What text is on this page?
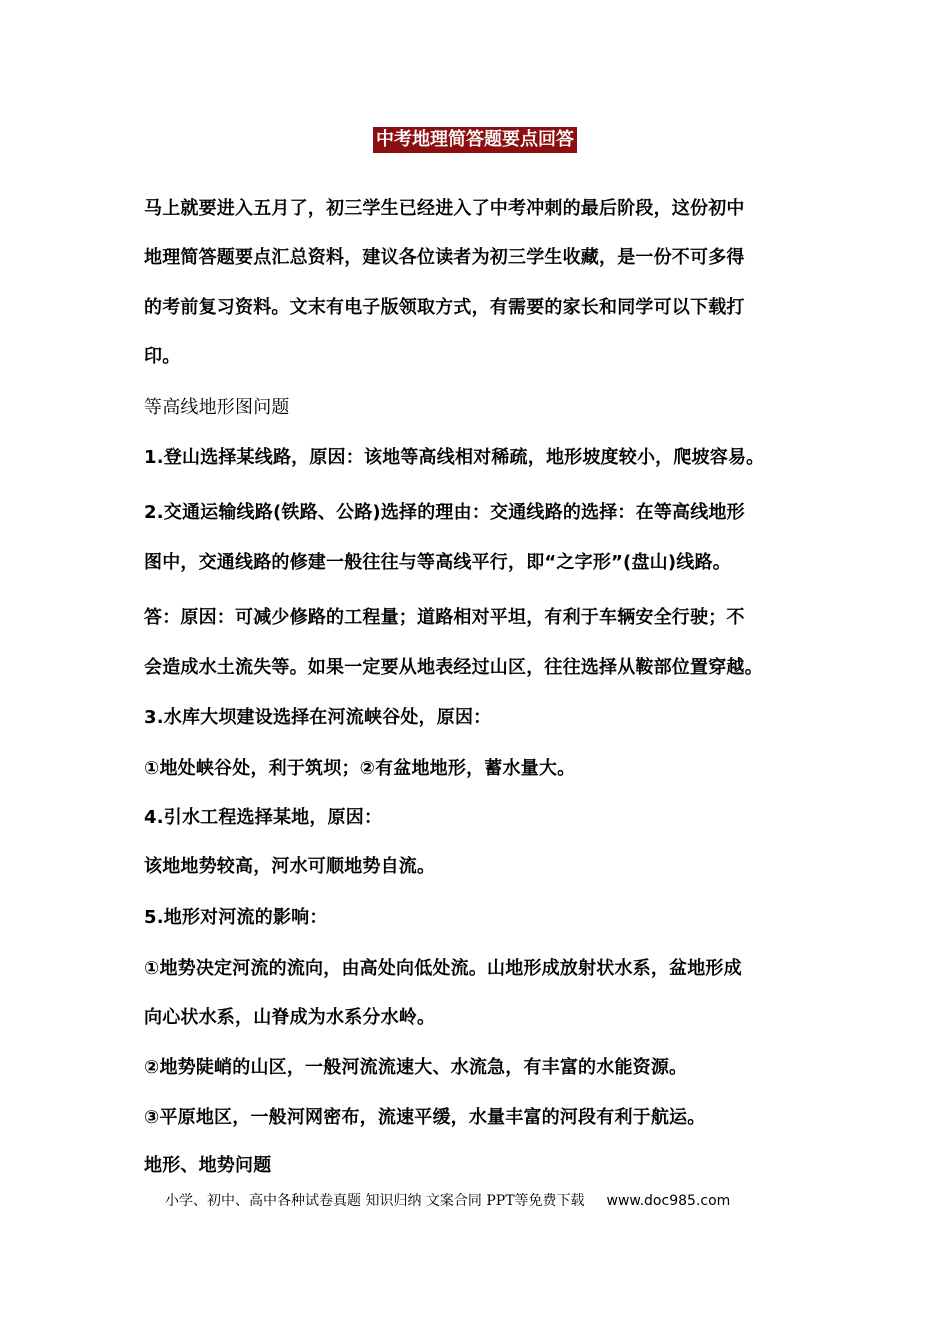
中考地理简答题要点回答
马上就要进入五月了，初三学生已经进入了中考冲刺的最后阶段，这份初中
地理简答题要点汇总资料，建议各位读者为初三学生收藏，是一份不可多得
的考前复习资料。文末有电子版领取方式，有需要的家长和同学可以下载打
印。
等高线地形图问题
1.登山选择某线路，原因：该地等高线相对稀疏，地形坡度较小，爬坡容易。
2.交通运输线路(铁路、公路)选择的理由：交通线路的选择：在等高线地形
图中，交通线路的修建一般往往与等高线平行，即“之字形”(盘山)线路。
答：原因：可减少修路的工程量；道路相对平坦，有利于车辆安全行驶；不
会造成水土流失等。如果一定要从地表经过山区，往往选择从鞍部位置穿越。
3.水库大坝建设选择在河流峡谷处，原因：
①地处峡谷处，利于筑坝；②有盆地地形，蓄水量大。
4.引水工程选择某地，原因：
该地地势较高，河水可顺地势自流。
5.地形对河流的影响：
①地势决定河流的流向，由高处向低处流。山地形成放射状水系，盆地形成
向心状水系，山脊成为水系分水岭。
②地势陡峭的山区，一般河流流速大、水流急，有丰富的水能资源。
③平原地区，一般河网密布，流速平缓，水量丰富的河段有利于航运。
地形、地势问题
小学、初中、高中各种试卷真题 知识归纳 文案合同 PPT等免费下载 www.doc985.com
